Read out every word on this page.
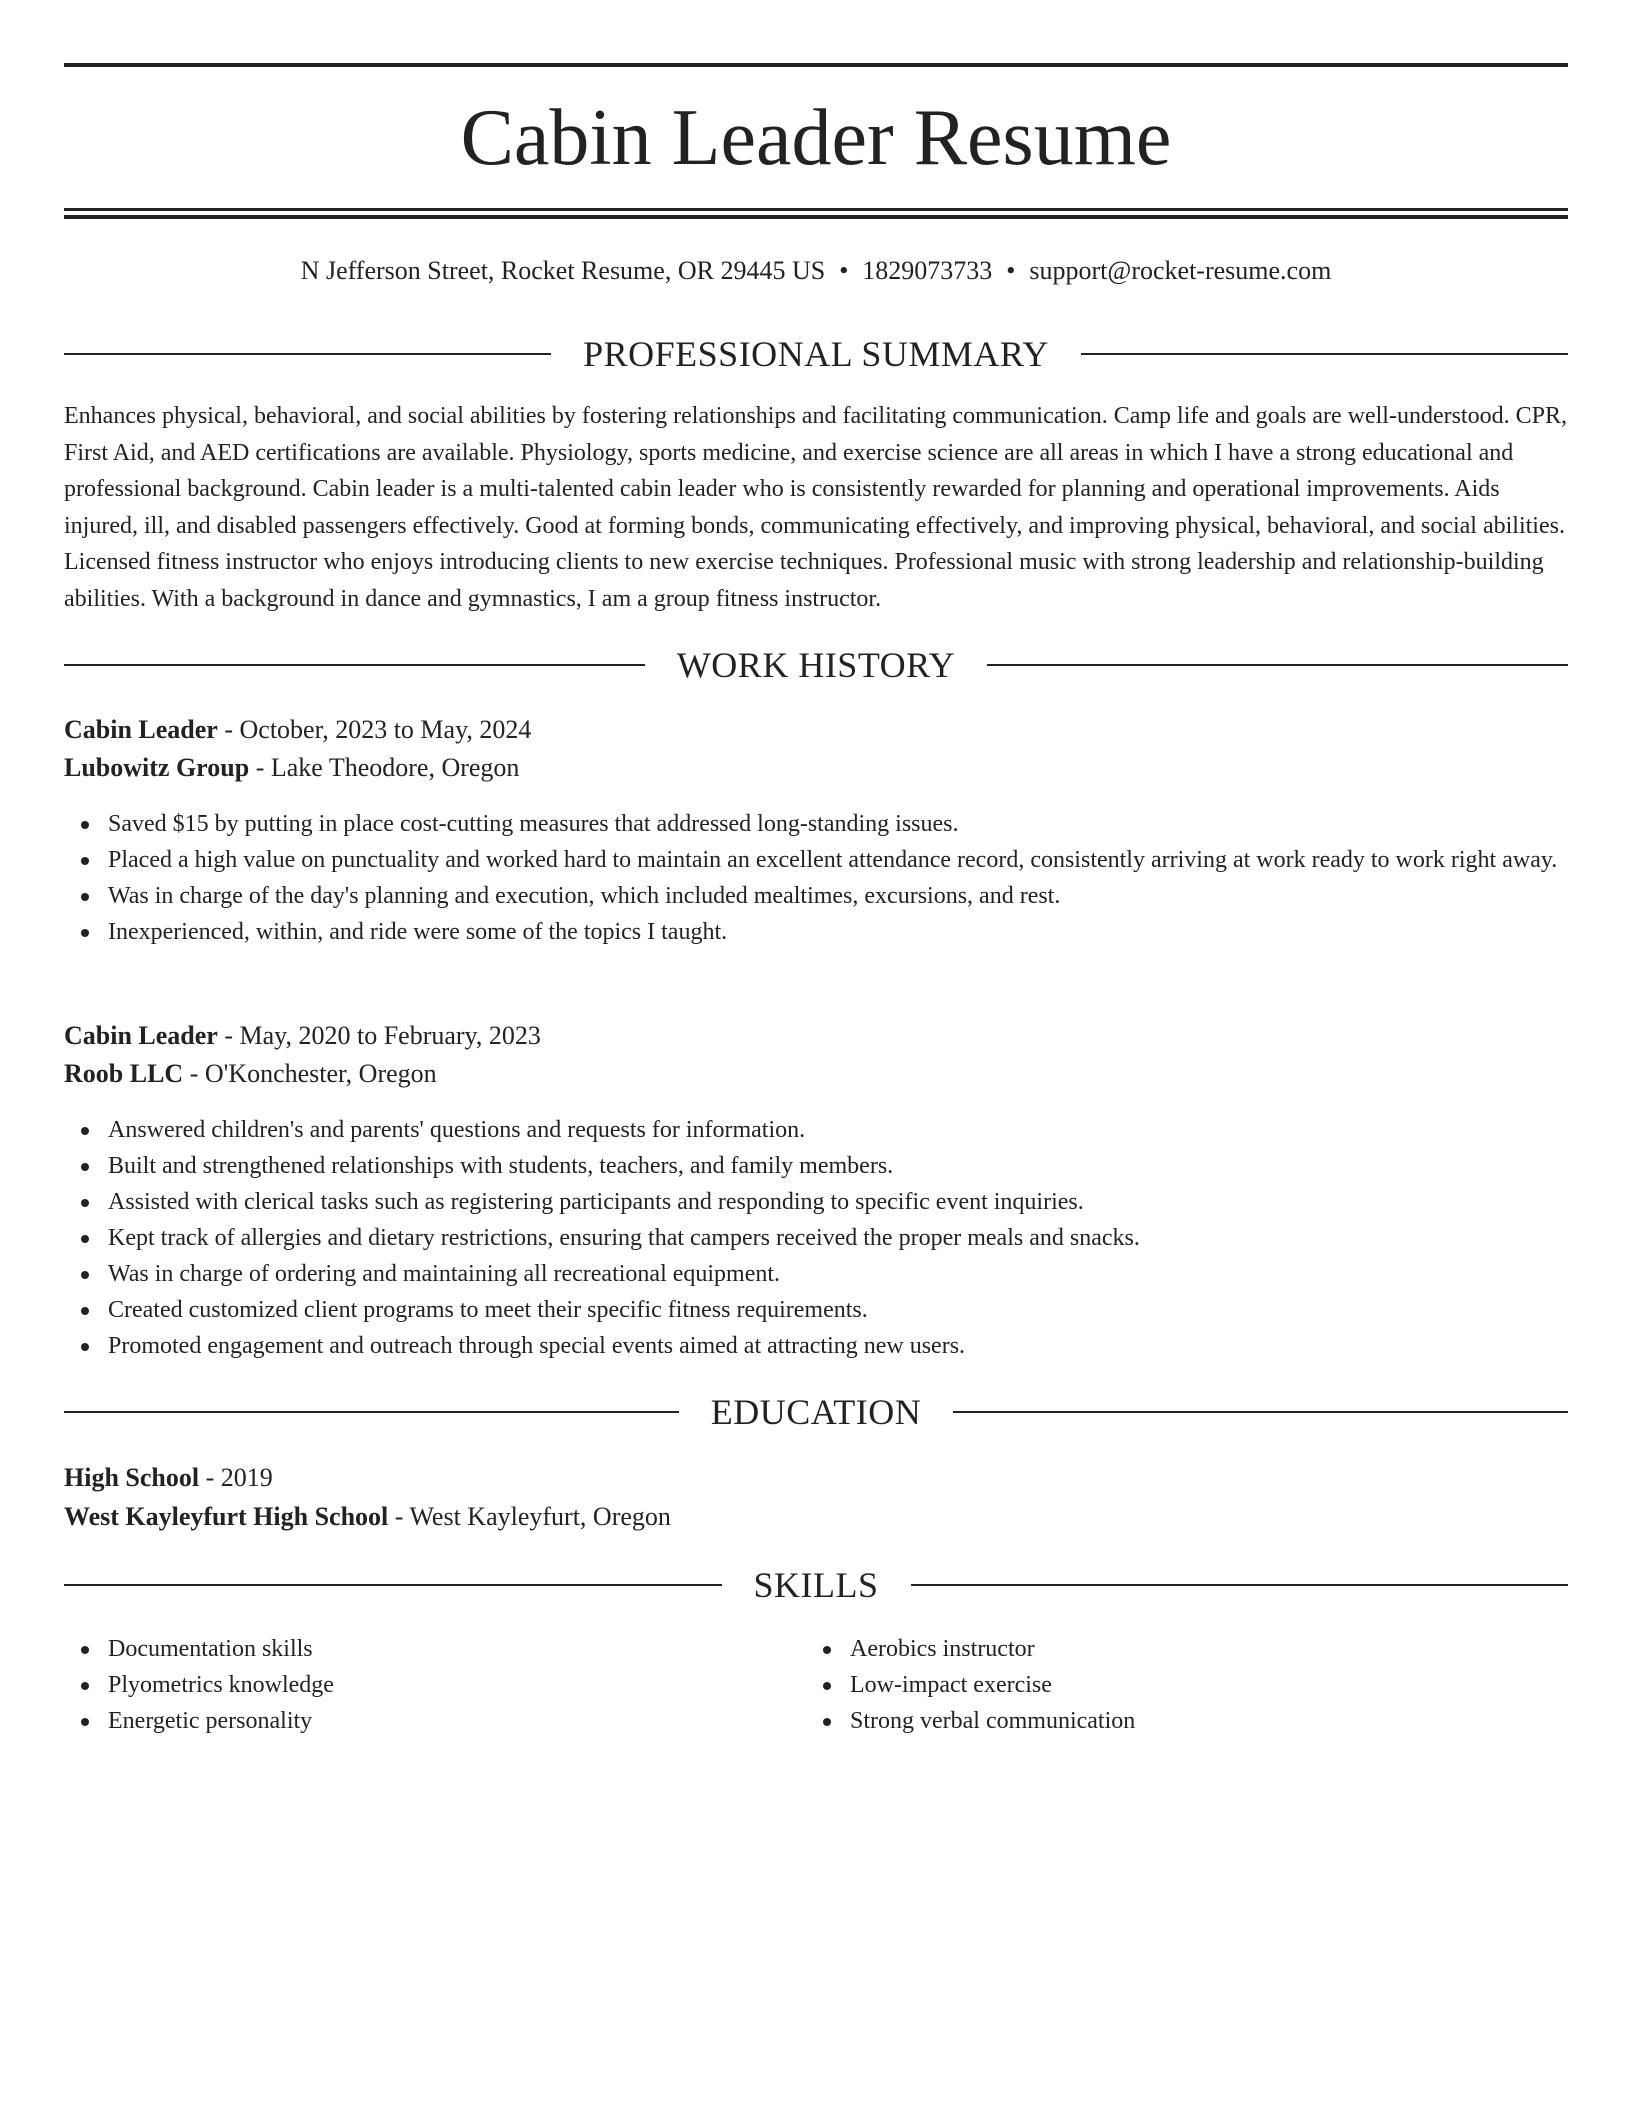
Cabin Leader Resume
N Jefferson Street, Rocket Resume, OR 29445 US • 1829073733 • support@rocket-resume.com
PROFESSIONAL SUMMARY

Enhances physical, behavioral, and social abilities by fostering relationships and facilitating communication. Camp life and goals are well-understood. CPR, First Aid, and AED certifications are available. Physiology, sports medicine, and exercise science are all areas in which I have a strong educational and professional background. Cabin leader is a multi-talented cabin leader who is consistently rewarded for planning and operational improvements. Aids injured, ill, and disabled passengers effectively. Good at forming bonds, communicating effectively, and improving physical, behavioral, and social abilities. Licensed fitness instructor who enjoys introducing clients to new exercise techniques. Professional music with strong leadership and relationship-building abilities. With a background in dance and gymnastics, I am a group fitness instructor.

WORK HISTORY
Cabin Leader - October, 2023 to May, 2024
Lubowitz Group - Lake Theodore, Oregon
Saved $15 by putting in place cost-cutting measures that addressed long-standing issues.
Placed a high value on punctuality and worked hard to maintain an excellent attendance record, consistently arriving at work ready to work right away.
Was in charge of the day's planning and execution, which included mealtimes, excursions, and rest.
Inexperienced, within, and ride were some of the topics I taught.
Cabin Leader - May, 2020 to February, 2023
Roob LLC - O'Konchester, Oregon
Answered children's and parents' questions and requests for information.
Built and strengthened relationships with students, teachers, and family members.
Assisted with clerical tasks such as registering participants and responding to specific event inquiries.
Kept track of allergies and dietary restrictions, ensuring that campers received the proper meals and snacks.
Was in charge of ordering and maintaining all recreational equipment.
Created customized client programs to meet their specific fitness requirements.
Promoted engagement and outreach through special events aimed at attracting new users.
EDUCATION
High School - 2019
West Kayleyfurt High School - West Kayleyfurt, Oregon
SKILLS
Documentation skills
Plyometrics knowledge
Energetic personality
Aerobics instructor
Low-impact exercise
Strong verbal communication
